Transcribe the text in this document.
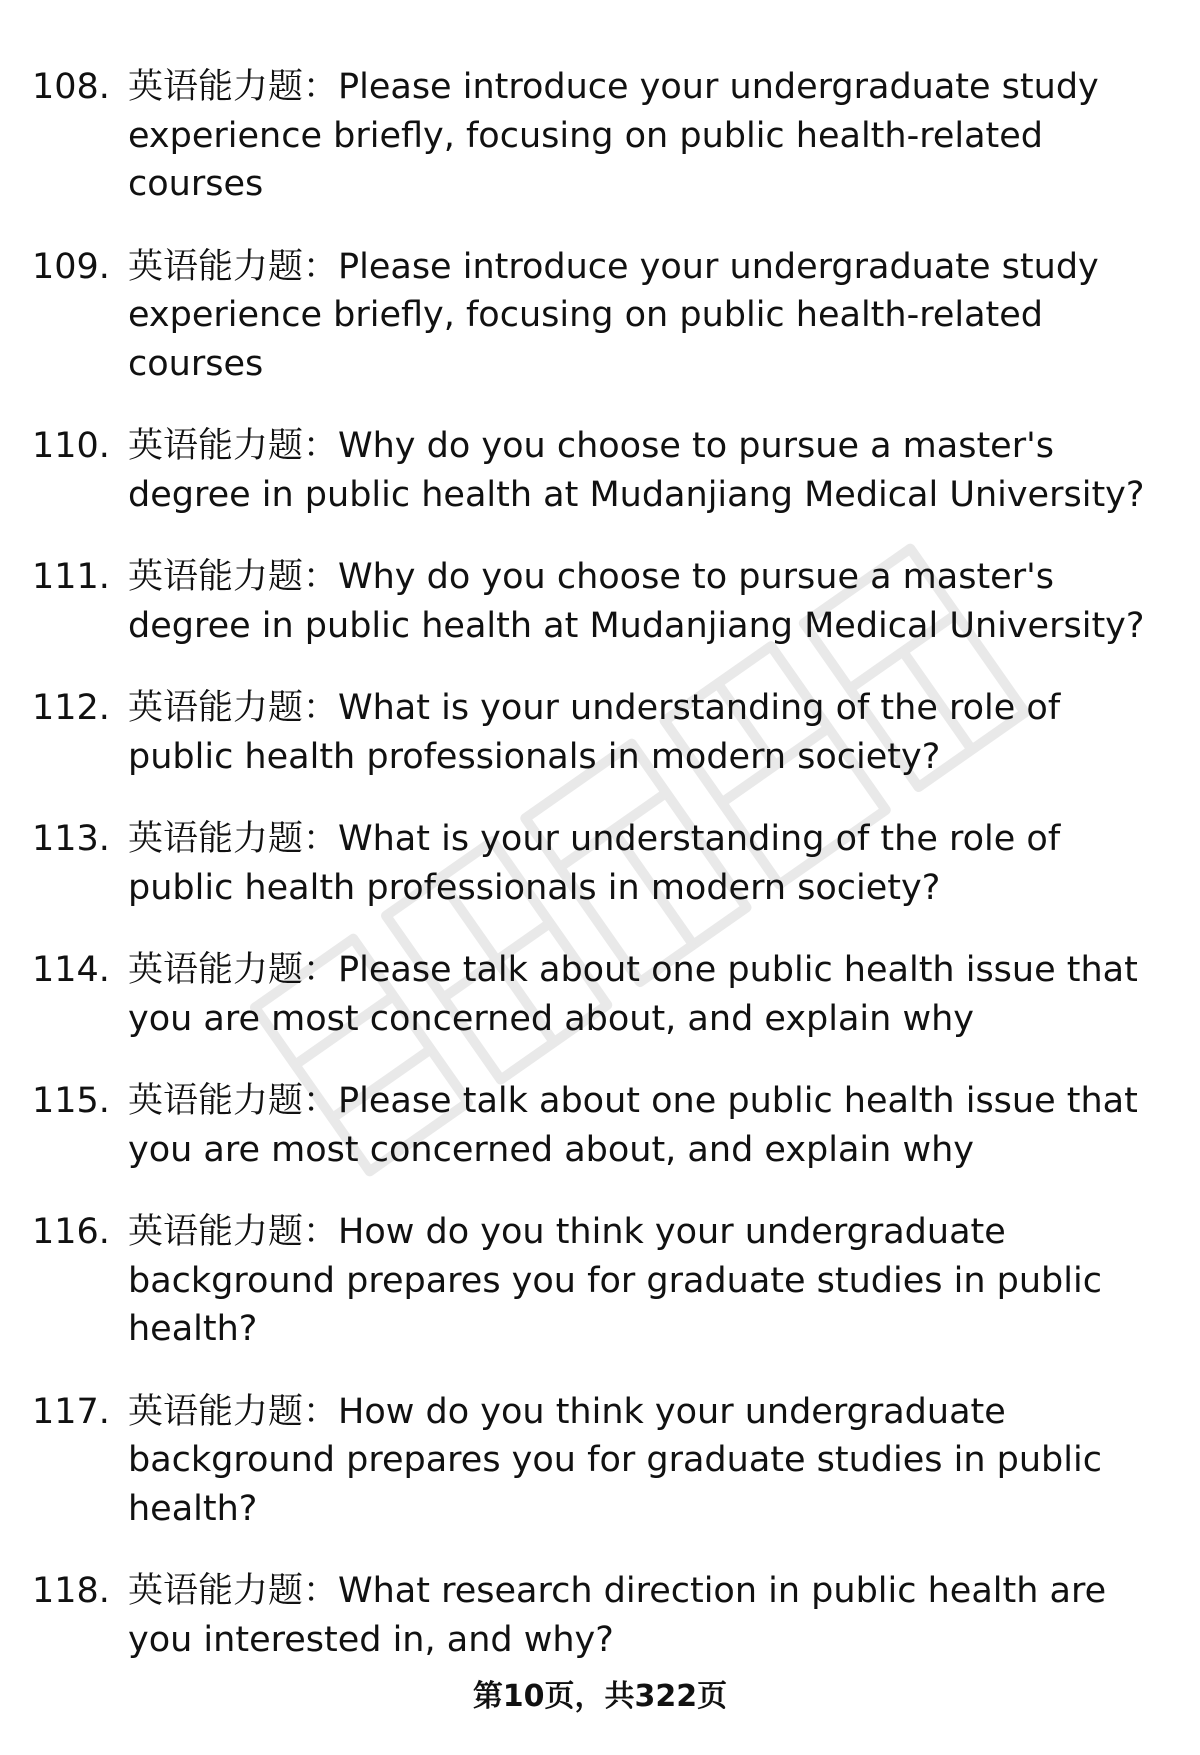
108. 英语能力题：Please introduce your undergraduate study experience briefly, focusing on public health-related courses
109. 英语能力题：Please introduce your undergraduate study experience briefly, focusing on public health-related courses
110. 英语能力题：Why do you choose to pursue a master's degree in public health at Mudanjiang Medical University?
111. 英语能力题：Why do you choose to pursue a master's degree in public health at Mudanjiang Medical University?
112. 英语能力题：What is your understanding of the role of public health professionals in modern society?
113. 英语能力题：What is your understanding of the role of public health professionals in modern society?
114. 英语能力题：Please talk about one public health issue that you are most concerned about, and explain why
115. 英语能力题：Please talk about one public health issue that you are most concerned about, and explain why
116. 英语能力题：How do you think your undergraduate background prepares you for graduate studies in public health?
117. 英语能力题：How do you think your undergraduate background prepares you for graduate studies in public health?
118. 英语能力题：What research direction in public health are you interested in, and why?
第10页，共322页
